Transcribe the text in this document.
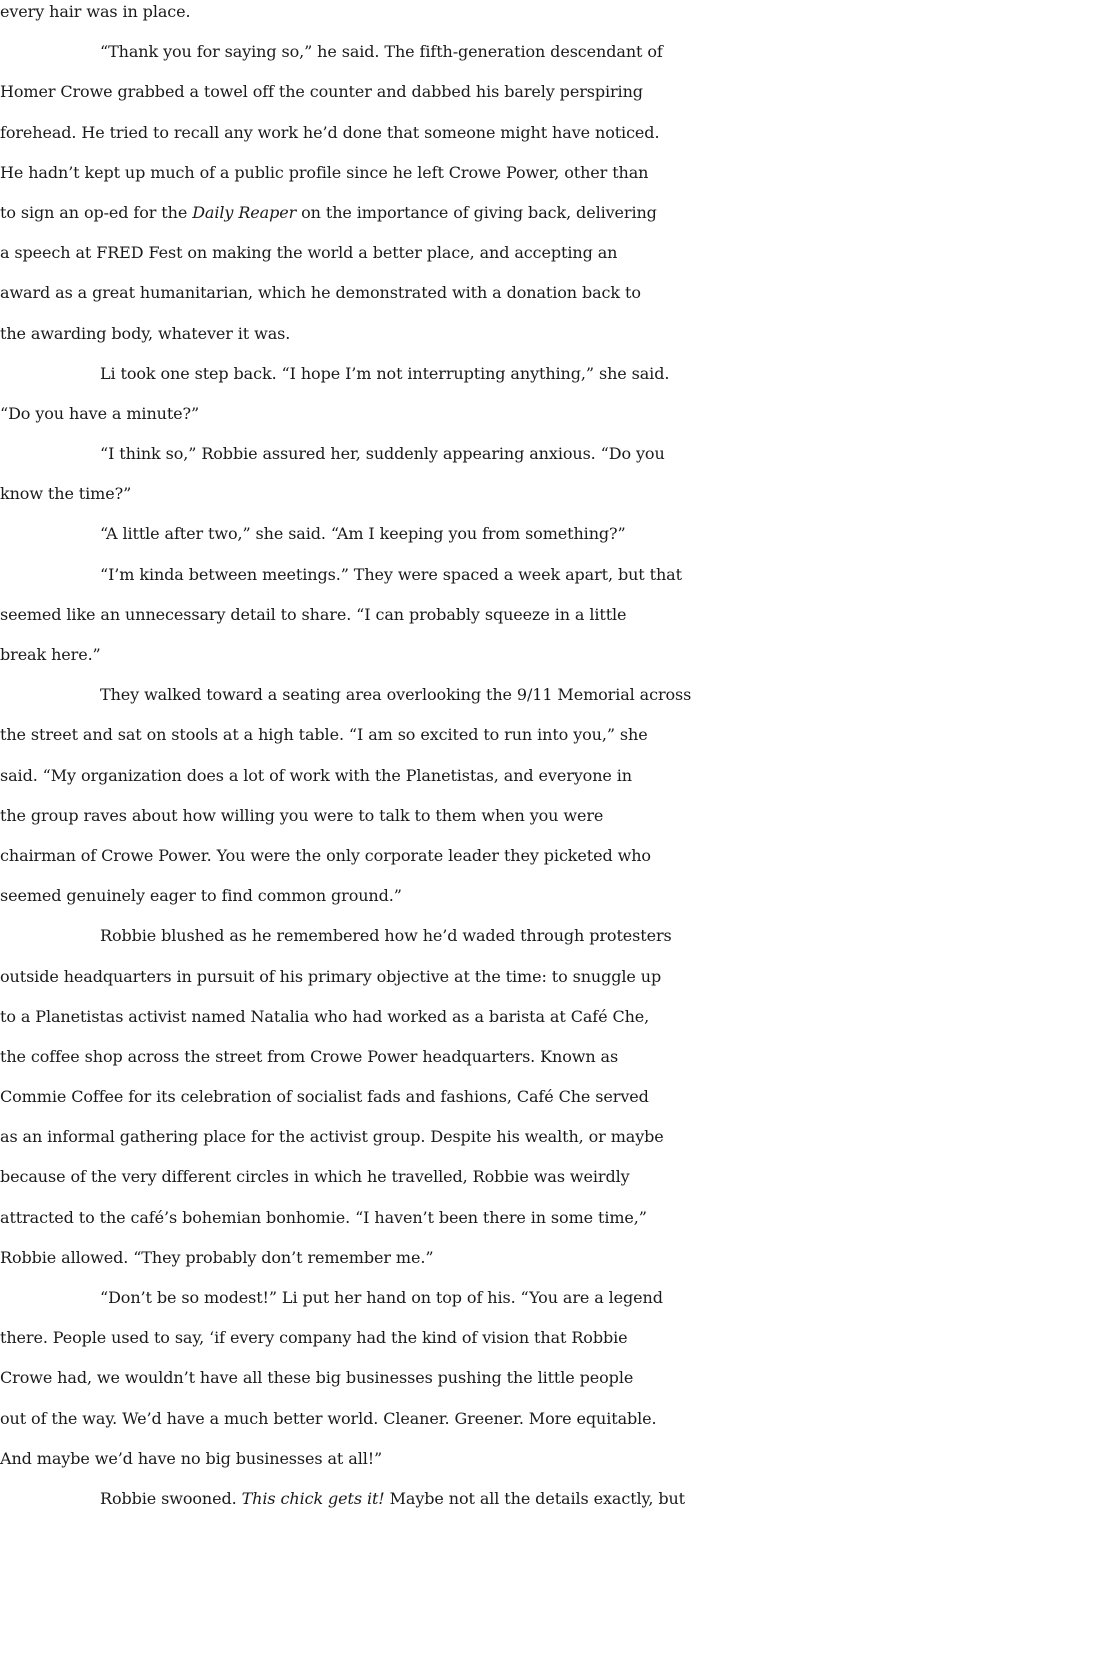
every hair was in place.
“Thank you for saying so,” he said. The fifth-generation descendant of
Homer Crowe grabbed a towel off the counter and dabbed his barely perspiring
forehead. He tried to recall any work he’d done that someone might have noticed.
He hadn’t kept up much of a public profile since he left Crowe Power, other than
to sign an op-ed for the Daily Reaper on the importance of giving back, delivering
a speech at FRED Fest on making the world a better place, and accepting an
award as a great humanitarian, which he demonstrated with a donation back to
the awarding body, whatever it was.
Li took one step back. “I hope I’m not interrupting anything,” she said.
“Do you have a minute?”
“I think so,” Robbie assured her, suddenly appearing anxious. “Do you
know the time?”
“A little after two,” she said. “Am I keeping you from something?”
“I’m kinda between meetings.” They were spaced a week apart, but that
seemed like an unnecessary detail to share. “I can probably squeeze in a little
break here.”
They walked toward a seating area overlooking the 9/11 Memorial across
the street and sat on stools at a high table. “I am so excited to run into you,” she
said. “My organization does a lot of work with the Planetistas, and everyone in
the group raves about how willing you were to talk to them when you were
chairman of Crowe Power. You were the only corporate leader they picketed who
seemed genuinely eager to find common ground.”
Robbie blushed as he remembered how he’d waded through protesters
outside headquarters in pursuit of his primary objective at the time: to snuggle up
to a Planetistas activist named Natalia who had worked as a barista at Café Che,
the coffee shop across the street from Crowe Power headquarters. Known as
Commie Coffee for its celebration of socialist fads and fashions, Café Che served
as an informal gathering place for the activist group. Despite his wealth, or maybe
because of the very different circles in which he travelled, Robbie was weirdly
attracted to the café’s bohemian bonhomie. “I haven’t been there in some time,”
Robbie allowed. “They probably don’t remember me.”
“Don’t be so modest!” Li put her hand on top of his. “You are a legend
there. People used to say, ‘if every company had the kind of vision that Robbie
Crowe had, we wouldn’t have all these big businesses pushing the little people
out of the way. We’d have a much better world. Cleaner. Greener. More equitable.
And maybe we’d have no big businesses at all!”
Robbie swooned. This chick gets it! Maybe not all the details exactly, but
